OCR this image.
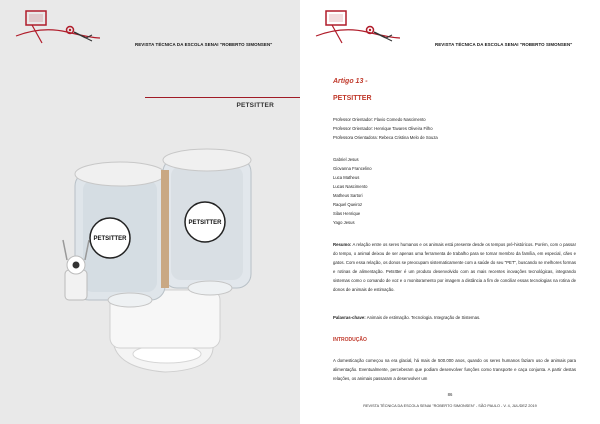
REVISTA TÉCNICA DA ESCOLA SENAI "ROBERTO SIMONSEN"
PETSITTER
PETSITTER
PETSITTER
REVISTA TÉCNICA DA ESCOLA SENAI "ROBERTO SIMONSEN"
Artigo 13 -
PETSITTER
Professor Orientador: Flavio Comedo Nascimento
Professor Orientador: Henrique Tavares Oliveira Filho
Professora Orientadora: Rebeca Cristina Melo de Souza
Gabriel Jesus
Giovanna Francelino
Luca Matheus
Lucas Nascimento
Matheus Sartori
Raquel Queiroz
Silas Henrique
Yago Jesus
Resumo: A relação entre os seres humanos e os animais está presente desde os tempos pré-históricos. Porém, com o passar do tempo, o animal deixou de ser apenas uma ferramenta de trabalho para se tornar membro da família, em especial, cães e gatos. Com essa relação, os donos se preocupam sistematicamente com a saúde do seu "PET", buscando se melhores formas e rotinas de alimentação. PetsItter é um produto desenvolvido com as mais recentes inovações tecnológicas, integrando sistemas como o comando de voz e o monitoramento por imagem a distância a fim de conciliar essas tecnologias na rotina de donos de animais de estimação.
Palavras-chave: Animais de estimação. Tecnologia. Integração de Sistemas.
INTRODUÇÃO
A domesticação começou na era glacial, há mais de 500.000 anos, quando os seres humanos faziam uso de animais para alimentação. Eventualmente, perceberam que podiam desenvolver funções como transporte e caça conjunta. A partir destas relações, os animais passaram a desenvolver um
86
REVISTA TÉCNICA DA ESCOLA SENAI "ROBERTO SIMONSEN" - SÃO PAULO - V. 4, JUL/DEZ 2019
